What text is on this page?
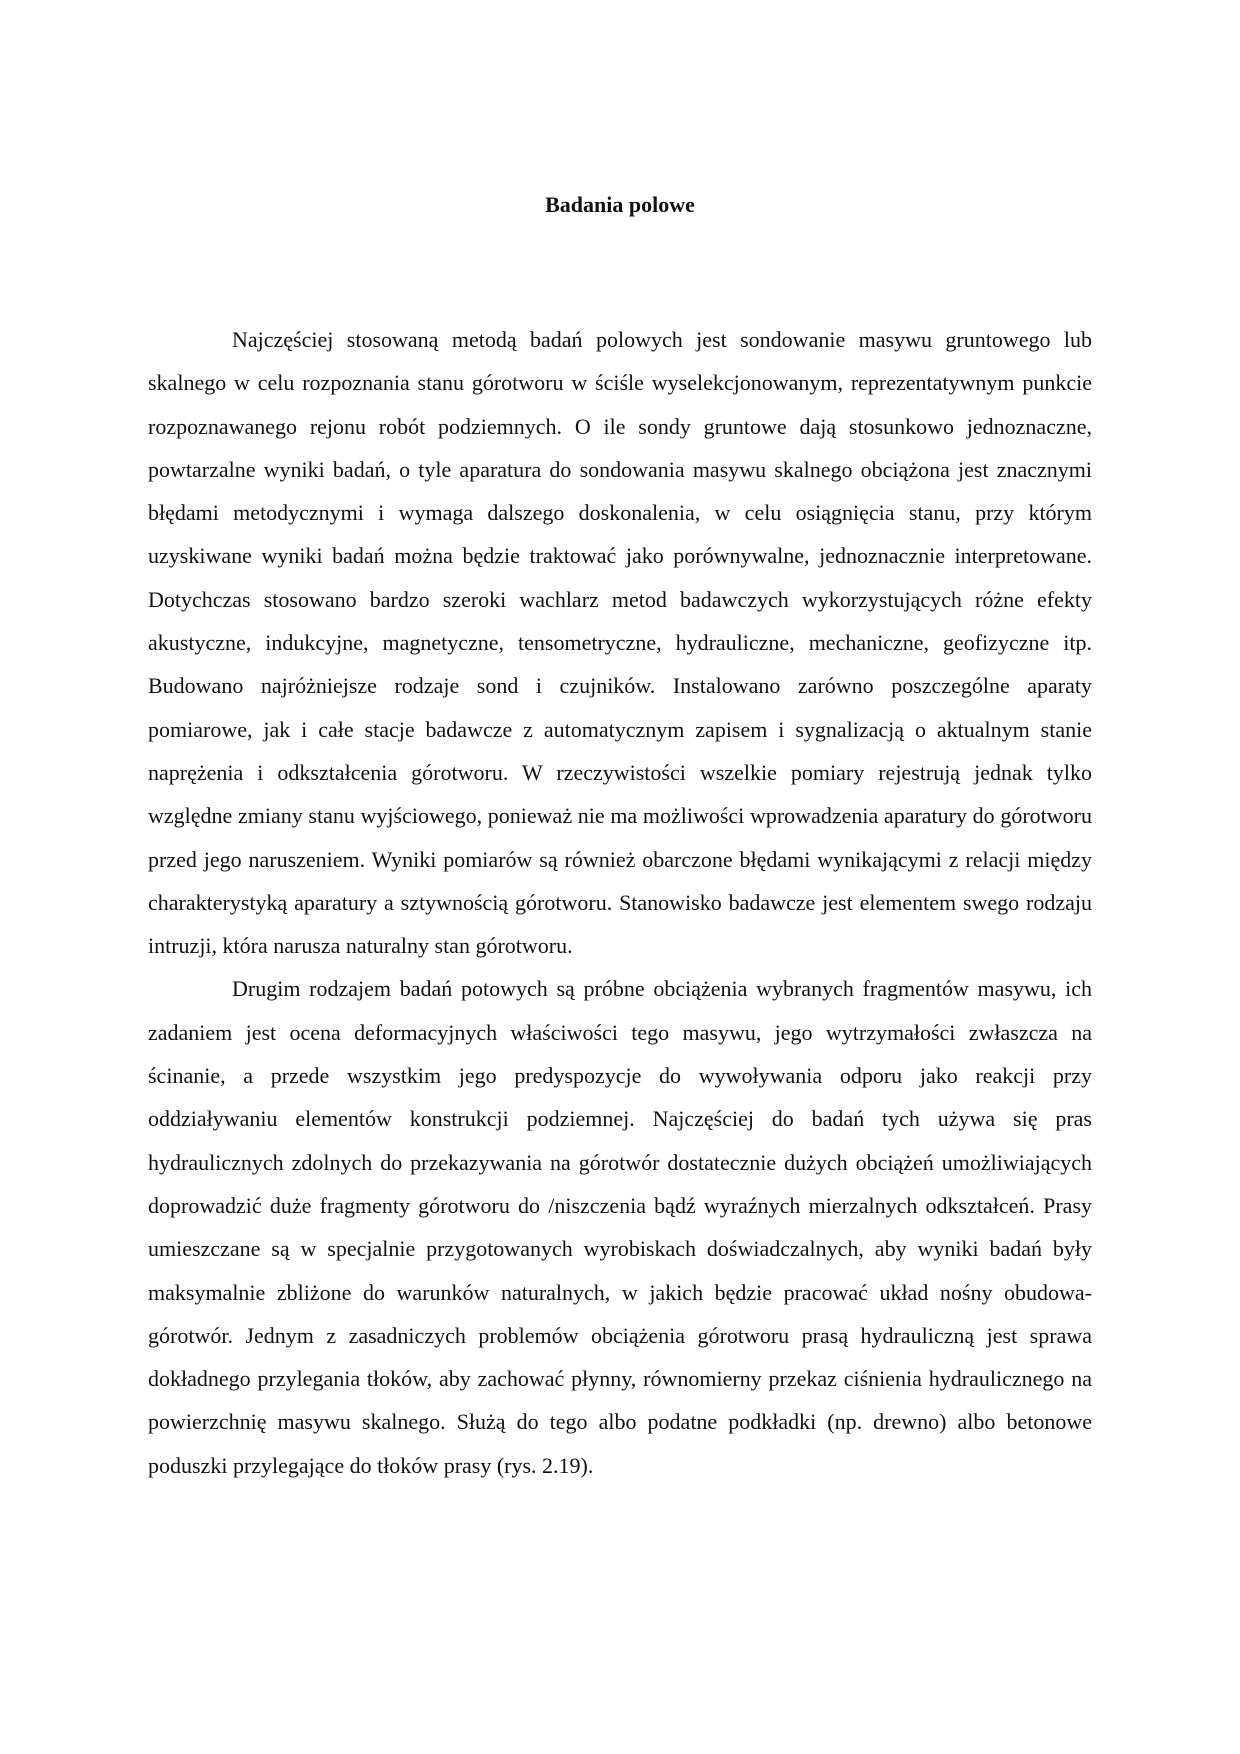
Badania polowe

Najczęściej stosowaną metodą badań polowych jest sondowanie masywu gruntowego lub skalnego w celu rozpoznania stanu górotworu w ściśle wyselekcjonowanym, reprezentatywnym punkcie rozpoznawanego rejonu robót podziemnych. O ile sondy gruntowe dają stosunkowo jednoznaczne, powtarzalne wyniki badań, o tyle aparatura do sondowania masywu skalnego obciążona jest znacznymi błędami metodycznymi i wymaga dalszego doskonalenia, w celu osiągnięcia stanu, przy którym uzyskiwane wyniki badań można będzie traktować jako porównywalne, jednoznacznie interpretowane. Dotychczas stosowano bardzo szeroki wachlarz metod badawczych wykorzystujących różne efekty akustyczne, indukcyjne, magnetyczne, tensometryczne, hydrauliczne, mechaniczne, geofizyczne itp. Budowano najróżniejsze rodzaje sond i czujników. Instalowano zarówno poszczególne aparaty pomiarowe, jak i całe stacje badawcze z automatycznym zapisem i sygnalizacją o aktualnym stanie naprężenia i odkształcenia górotworu. W rzeczywistości wszelkie pomiary rejestrują jednak tylko względne zmiany stanu wyjściowego, ponieważ nie ma możliwości wprowadzenia aparatury do górotworu przed jego naruszeniem. Wyniki pomiarów są również obarczone błędami wynikającymi z relacji między charakterystyką aparatury a sztywnością górotworu. Stanowisko badawcze jest elementem swego rodzaju intruzji, która narusza naturalny stan górotworu.

Drugim rodzajem badań potowych są próbne obciążenia wybranych fragmentów masywu, ich zadaniem jest ocena deformacyjnych właściwości tego masywu, jego wytrzymałości zwłaszcza na ścinanie, a przede wszystkim jego predyspozycje do wywoływania odporu jako reakcji przy oddziaływaniu elementów konstrukcji podziemnej. Najczęściej do badań tych używa się pras hydraulicznych zdolnych do przekazywania na górotwór dostatecznie dużych obciążeń umożliwiających doprowadzić duże fragmenty górotworu do /niszczenia bądź wyraźnych mierzalnych odkształceń. Prasy umieszczane są w specjalnie przygotowanych wyrobiskach doświadczalnych, aby wyniki badań były maksymalnie zbliżone do warunków naturalnych, w jakich będzie pracować układ nośny obudowa-górotwór. Jednym z zasadniczych problemów obciążenia górotworu prasą hydrauliczną jest sprawa dokładnego przylegania tłoków, aby zachować płynny, równomierny przekaz ciśnienia hydraulicznego na powierzchnię masywu skalnego. Służą do tego albo podatne podkładki (np. drewno) albo betonowe poduszki przylegające do tłoków prasy (rys. 2.19).
